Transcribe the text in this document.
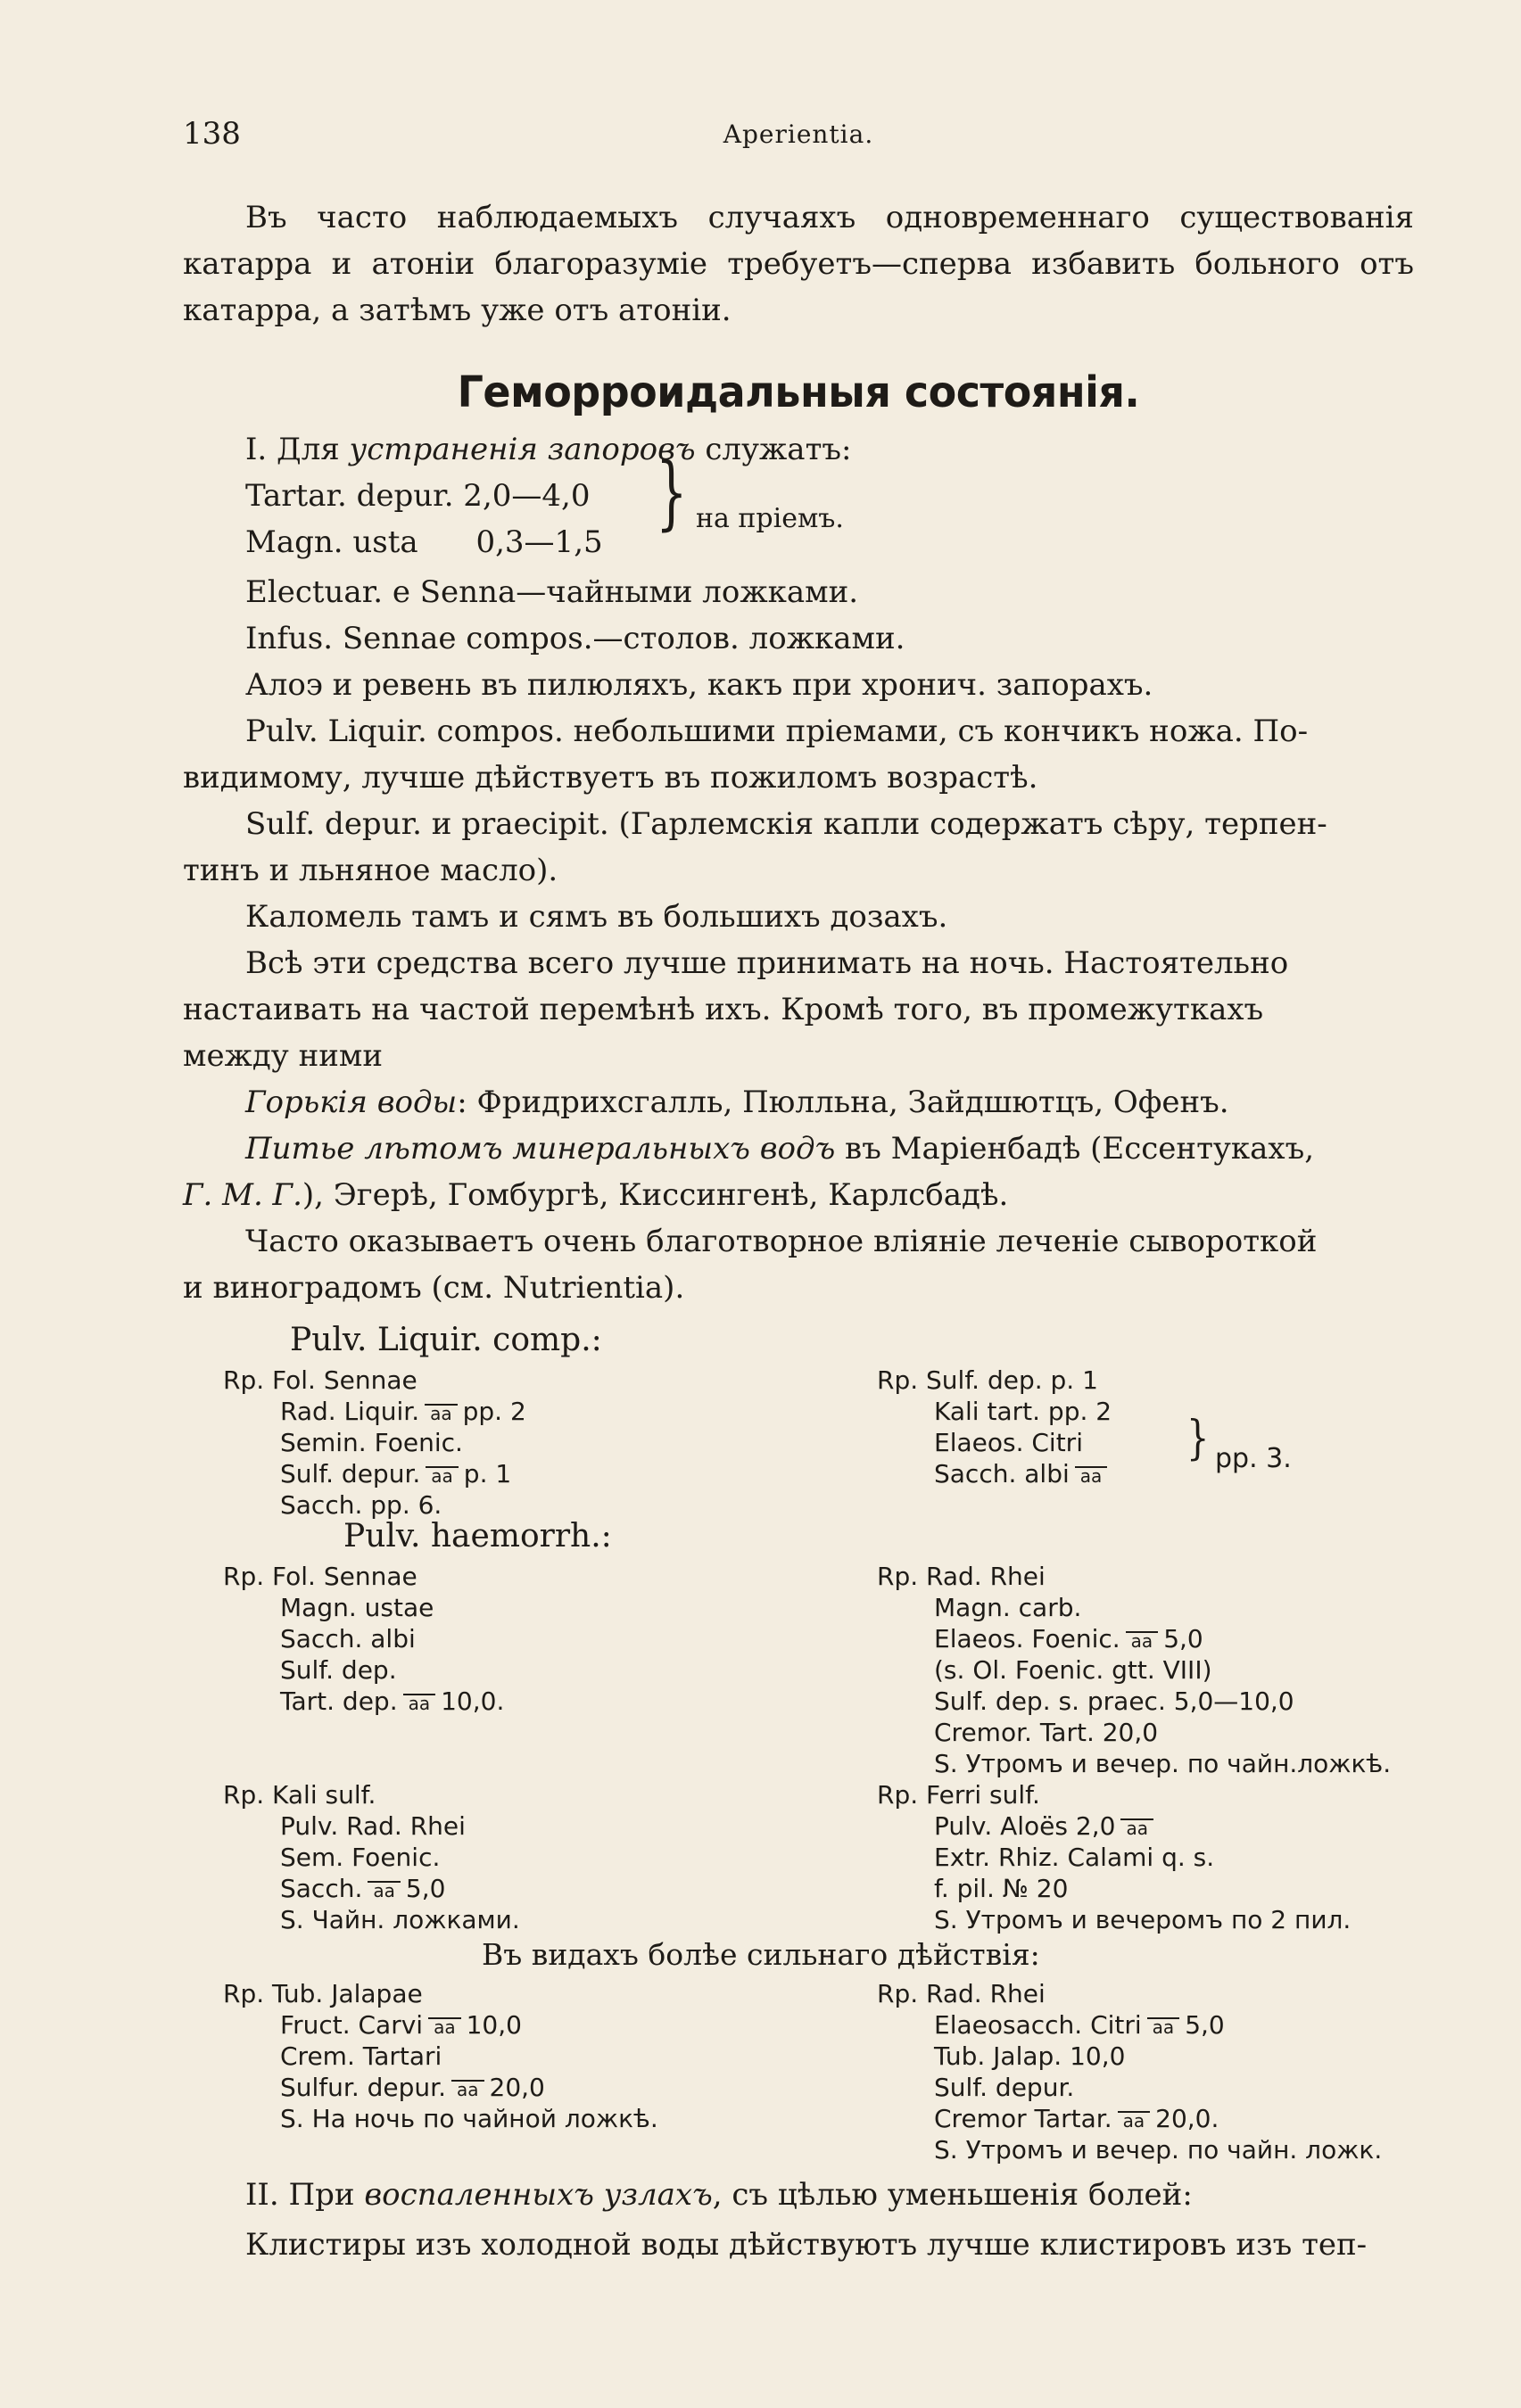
138	Aperientia.

Въ часто наблюдаемыхъ случаяхъ одновременнаго существованія катарра и атоніи благоразуміе требуетъ—сперва избавить больного отъ катарра, а затѣмъ уже отъ атоніи.

Геморроидальныя состоянія.
I. Для устраненія запоровъ служатъ:
Tartar. depur. 2,0—4,0
Magn. usta      0,3—1,5
} на пріемъ.
Electuar. e Senna—чайными ложками.
Infus. Sennae compos.—столов. ложками.
Алоэ и ревень въ пилюляхъ, какъ при хронич. запорахъ.
Pulv. Liquir. compos. небольшими пріемами, съ кончикъ ножа. По-
видимому, лучше дѣйствуетъ въ пожиломъ возрастѣ.
Sulf. depur. и praecipit. (Гарлемскія капли содержатъ сѣру, терпен-
тинъ и льняное масло).
Каломель тамъ и сямъ въ большихъ дозахъ.
Всѣ эти средства всего лучше принимать на ночь. Настоятельно
настаивать на частой перемѣнѣ ихъ. Кромѣ того, въ промежуткахъ
между ними
Горькія воды: Фридрихсгалль, Пюлльна, Зайдшютцъ, Офенъ.
Питье лѣтомъ минеральныхъ водъ въ Маріенбадѣ (Ессентукахъ,
Г. М. Г.), Эгерѣ, Гомбургѣ, Киссингенѣ, Карлсбадѣ.
Часто оказываетъ очень благотворное вліяніе леченіе сывороткой
и виноградомъ (см. Nutrientia).
Pulv. Liquir. comp.:
Rp. Fol. Sennae
Rad. Liquir. aa pp. 2
Semin. Foenic.
Sulf. depur. aa p. 1
Sacch. pp. 6.
Rp. Sulf. dep. p. 1
Kali tart. pp. 2
Elaeos. Citri
Sacch. albi aa
} pp. 3.
Pulv. haemorrh.:
Rp. Fol. Sennae
Magn. ustae
Sacch. albi
Sulf. dep.
Tart. dep. aa 10,0.
Rp. Rad. Rhei
Magn. carb.
Elaeos. Foenic. aa 5,0
(s. Ol. Foenic. gtt. VIII)
Sulf. dep. s. praec. 5,0—10,0
Cremor. Tart. 20,0
S. Утромъ и вечер. по чайн.ложкѣ.
Rp. Kali sulf.
Pulv. Rad. Rhei
Sem. Foenic.
Sacch. aa 5,0
S. Чайн. ложками.
Rp. Ferri sulf.
Pulv. Aloës 2,0 aa
Extr. Rhiz. Calami q. s.
f. pil. № 20
S. Утромъ и вечеромъ по 2 пил.
Въ видахъ болѣе сильнаго дѣйствія:
Rp. Tub. Jalapae
Fruct. Carvi aa 10,0
Crem. Tartari
Sulfur. depur. aa 20,0
S. На ночь по чайной ложкѣ.
Rp. Rad. Rhei
Elaeosacch. Citri aa 5,0
Tub. Jalap. 10,0
Sulf. depur.
Cremor Tartar. aa 20,0.
S. Утромъ и вечер. по чайн. ложк.
II. При воспаленныхъ узлахъ, съ цѣлью уменьшенія болей:
Клистиры изъ холодной воды дѣйствуютъ лучше клистировъ изъ теп-
